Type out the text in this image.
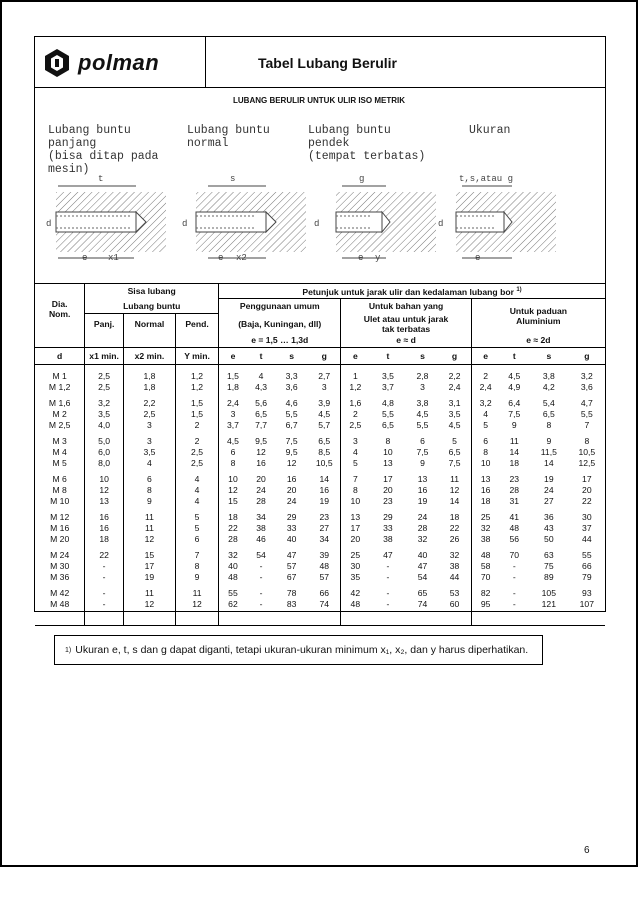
polman	Tabel Lubang Berulir
LUBANG BERULIR UNTUK ULIR ISO METRIK
Lubang buntu
panjang
(bisa ditap pada
mesin)
Lubang buntu
normal
Lubang buntu
pendek
(tempat terbatas)
Ukuran
t	s	g	t,s,atau g
d	d	d	d
e x1	e x2	e y	e
Dia.
Nom.	Sisa lubang			Petunjuk untuk jarak ulir dan kedalaman lubang bor $^{1)}$
	Lubang buntu			Penggunaan umum				Untuk bahan yang				Untuk paduan
Aluminium			

	Panj.	Normal	Pend.	(Baja, Kuningan, dll)				Ulet atau untuk jarak
tak terbatas							

				e = 1,5 … 1,3d				e ≈ d				e ≈ 2d			
d	x1 min.	x2 min.	Y min.	e	t	s	g	e	t	s	g	e	t	s	g
M 1	2,5	1,8	1,2	1,5	4	3,3	2,7	1	3,5	2,8	2,2	2	4,5	3,8	3,2
M 1,2	2,5	1,8	1,2	1,8	4,3	3,6	3	1,2	3,7	3	2,4	2,4	4,9	4,2	3,6
M 1,6	3,2	2,2	1,5	2,4	5,6	4,6	3,9	1,6	4,8	3,8	3,1	3,2	6,4	5,4	4,7
M 2	3,5	2,5	1,5	3	6,5	5,5	4,5	2	5,5	4,5	3,5	4	7,5	6,5	5,5
M 2,5	4,0	3	2	3,7	7,7	6,7	5,7	2,5	6,5	5,5	4,5	5	9	8	7
M 3	5,0	3	2	4,5	9,5	7,5	6,5	3	8	6	5	6	11	9	8
M 4	6,0	3,5	2,5	6	12	9,5	8,5	4	10	7,5	6,5	8	14	11,5	10,5
M 5	8,0	4	2,5	8	16	12	10,5	5	13	9	7,5	10	18	14	12,5
M 6	10	6	4	10	20	16	14	7	17	13	11	13	23	19	17
M 8	12	8	4	12	24	20	16	8	20	16	12	16	28	24	20
M 10	13	9	4	15	28	24	19	10	23	19	14	18	31	27	22
M 12	16	11	5	18	34	29	23	13	29	24	18	25	41	36	30
M 16	16	11	5	22	38	33	27	17	33	28	22	32	48	43	37
M 20	18	12	6	28	46	40	34	20	38	32	26	38	56	50	44
M 24	22	15	7	32	54	47	39	25	47	40	32	48	70	63	55
M 30	-	17	8	40	-	57	48	30	-	47	38	58	-	75	66
M 36	-	19	9	48	-	67	57	35	-	54	44	70	-	89	79
M 42	-	11	11	55	-	78	66	42	-	65	53	82	-	105	93
M 48	-	12	12	62	-	83	74	48	-	74	60	95	-	121	107

1) Ukuran e, t, s dan g dapat diganti, tetapi ukuran-ukuran minimum x₁, x₂, dan y harus diperhatikan.
6
